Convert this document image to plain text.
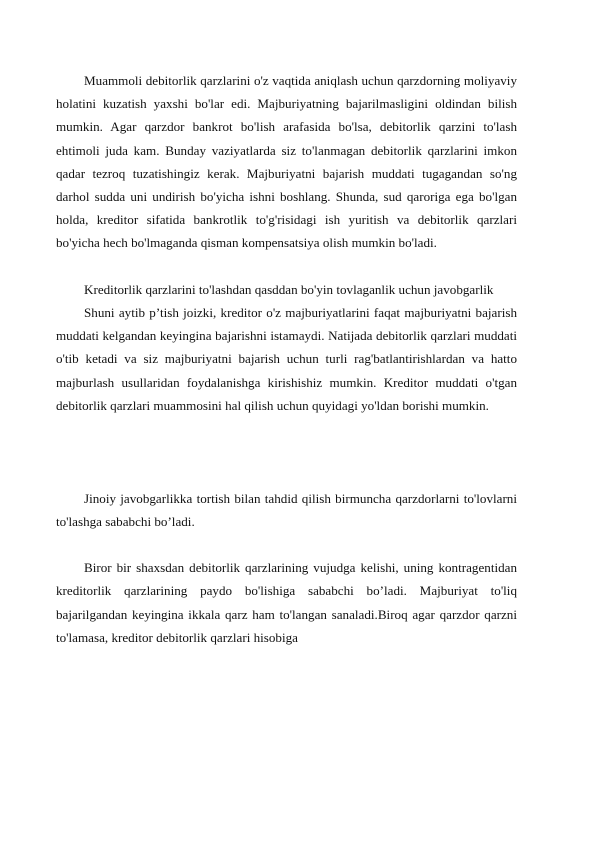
Muammoli debitorlik qarzlarini o'z vaqtida aniqlash uchun qarzdorning moliyaviy holatini kuzatish yaxshi bo'lar edi. Majburiyatning bajarilmasligini oldindan bilish mumkin. Agar qarzdor bankrot bo'lish arafasida bo'lsa, debitorlik qarzini to'lash ehtimoli juda kam. Bunday vaziyatlarda siz to'lanmagan debitorlik qarzlarini imkon qadar tezroq tuzatishingiz kerak. Majburiyatni bajarish muddati tugagandan so'ng darhol sudda uni undirish bo'yicha ishni boshlang. Shunda, sud qaroriga ega bo'lgan holda, kreditor sifatida bankrotlik to'g'risidagi ish yuritish va debitorlik qarzlari bo'yicha hech bo'lmaganda qisman kompensatsiya olish mumkin bo'ladi.

Kreditorlik qarzlarini to'lashdan qasddan bo'yin tovlaganlik uchun javobgarlik

Shuni aytib p’tish joizki, kreditor o'z majburiyatlarini faqat majburiyatni bajarish muddati kelgandan keyingina bajarishni istamaydi. Natijada debitorlik qarzlari muddati o'tib ketadi va siz majburiyatni bajarish uchun turli rag'batlantirishlardan va hatto majburlash usullaridan foydalanishga kirishishiz mumkin. Kreditor muddati o'tgan debitorlik qarzlari muammosini hal qilish uchun quyidagi yo'ldan borishi mumkin.

Jinoiy javobgarlikka tortish bilan tahdid qilish birmuncha qarzdorlarni to'lovlarni to'lashga sababchi bo’ladi.

Biror bir shaxsdan debitorlik qarzlarining vujudga kelishi, uning kontragentidan kreditorlik qarzlarining paydo bo'lishiga sababchi bo’ladi. Majburiyat to'liq bajarilgandan keyingina ikkala qarz ham to'langan sanaladi.Biroq agar qarzdor qarzni to'lamasa, kreditor debitorlik qarzlari hisobiga
